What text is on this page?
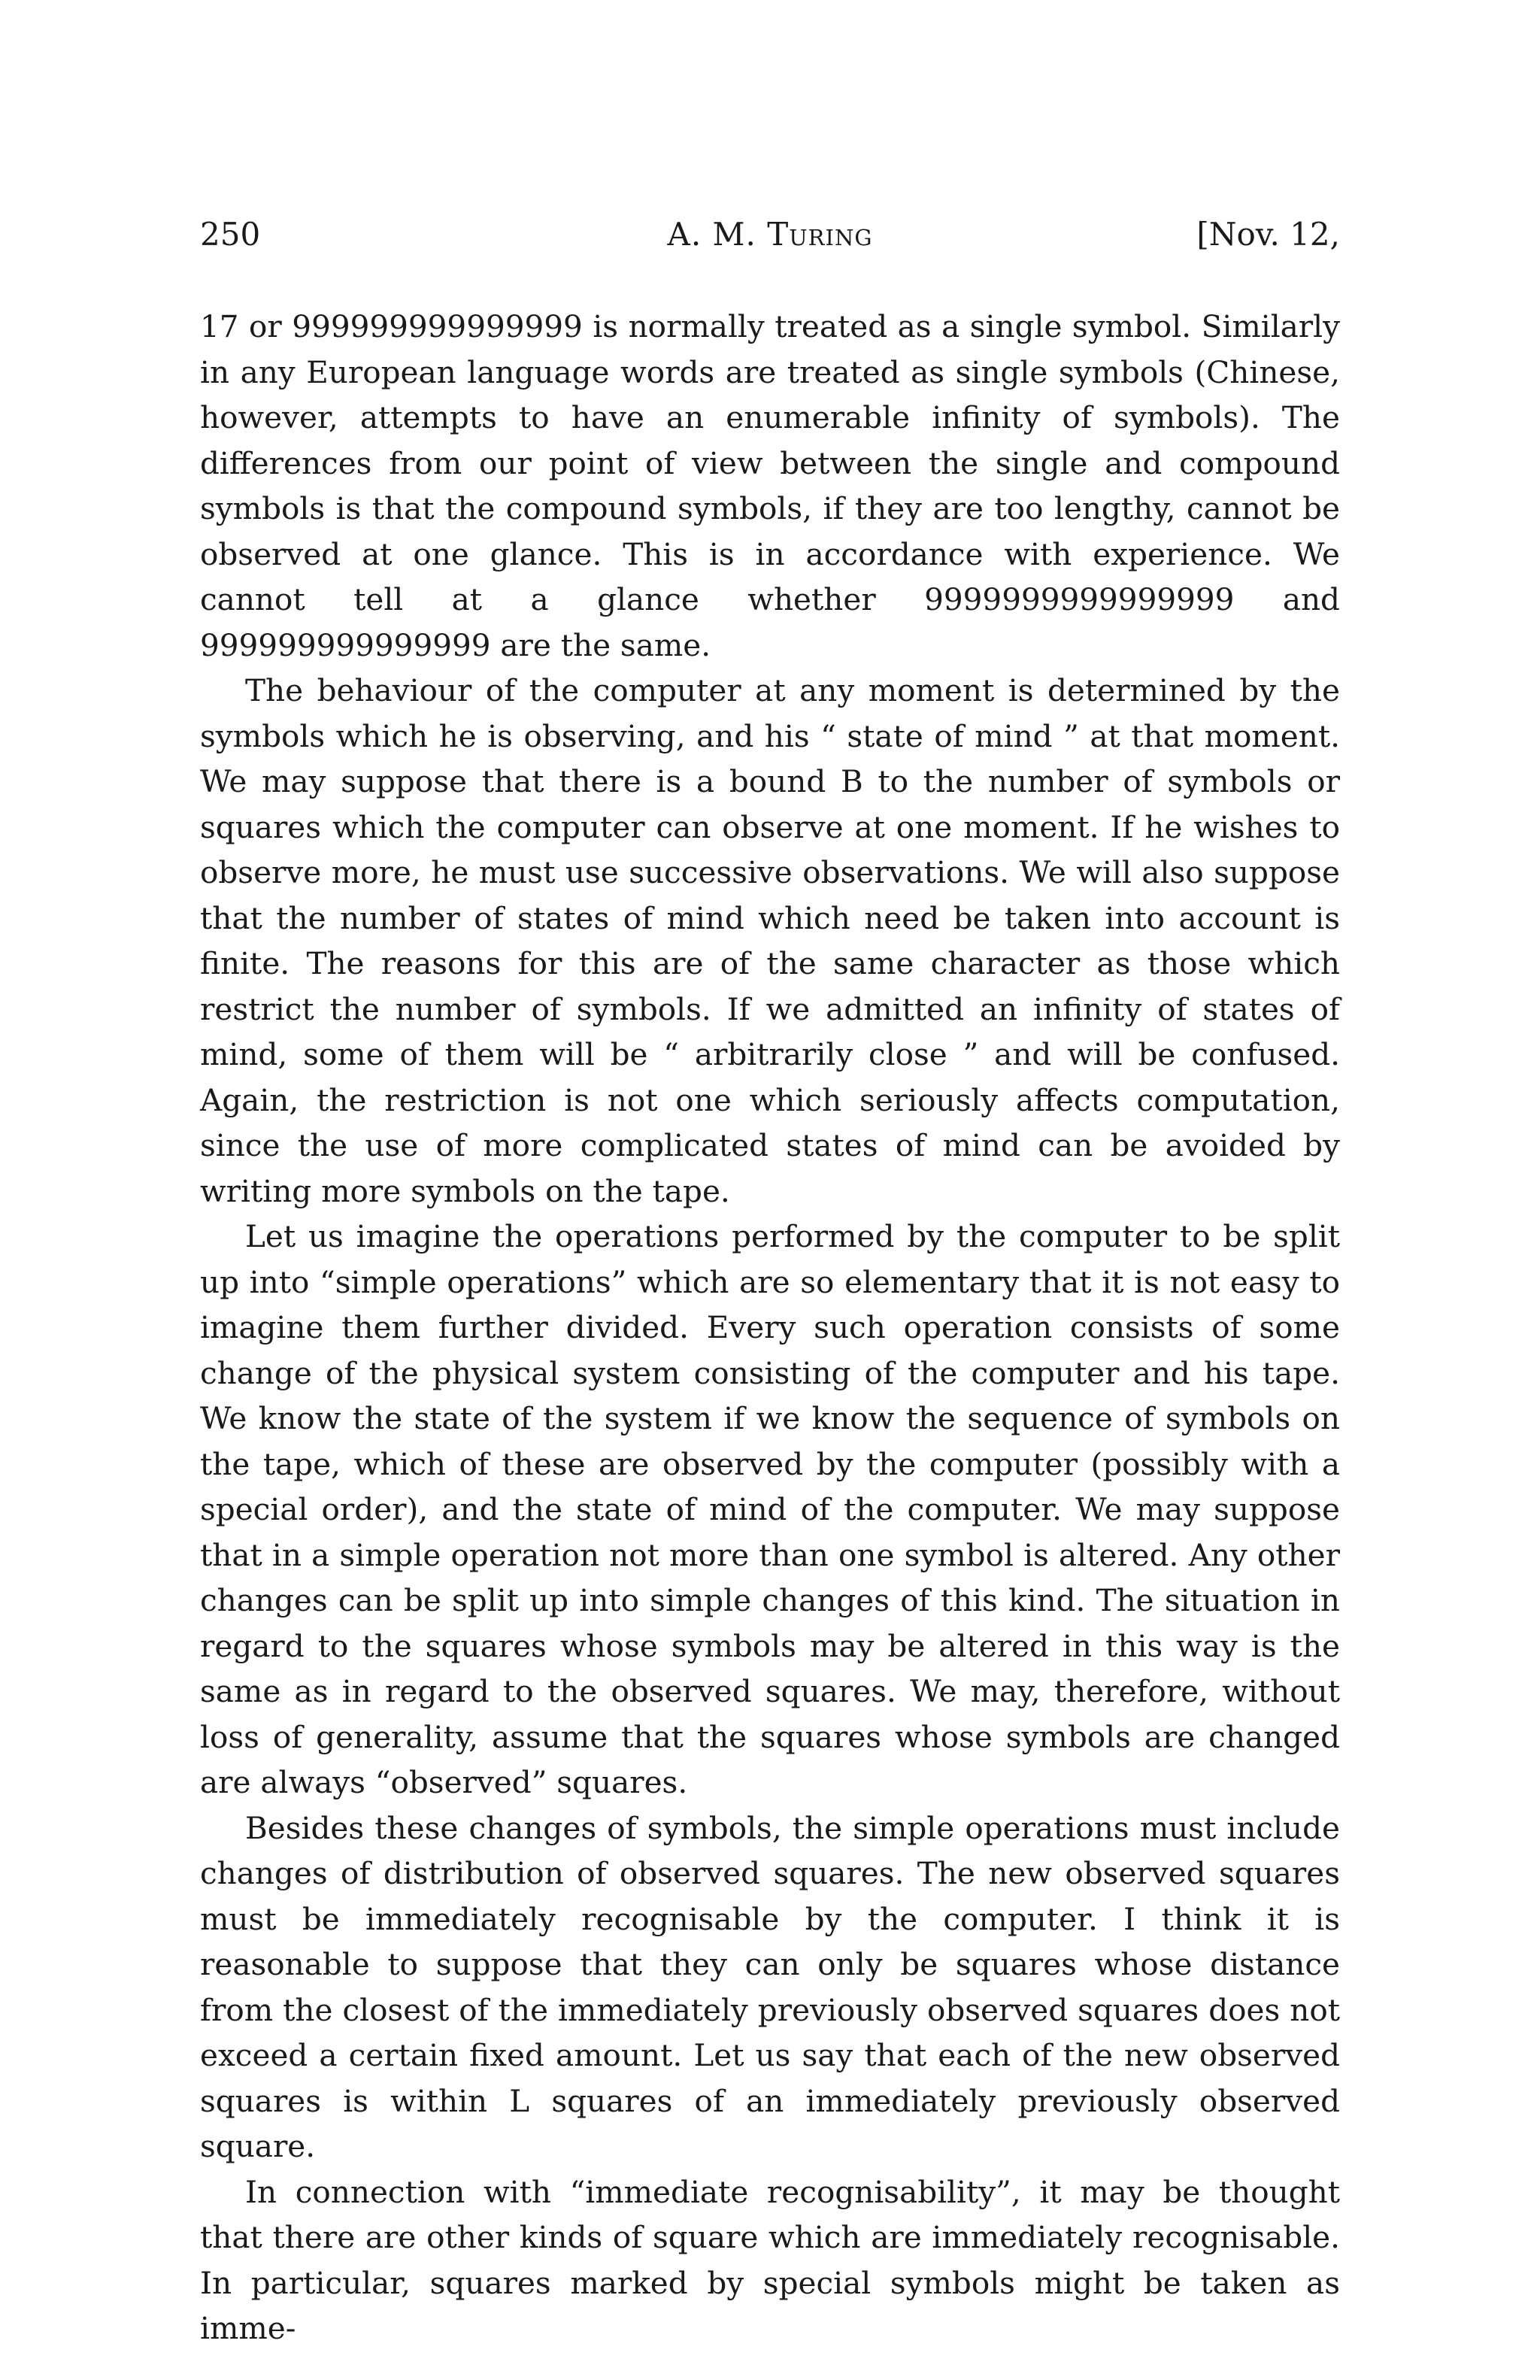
250	A. M. Turing	[Nov. 12,

17 or 999999999999999 is normally treated as a single symbol. Similarly in any European language words are treated as single symbols (Chinese, however, attempts to have an enumerable infinity of symbols). The differences from our point of view between the single and compound symbols is that the compound symbols, if they are too lengthy, cannot be observed at one glance. This is in accordance with experience. We cannot tell at a glance whether 9999999999999999 and 999999999999999 are the same.

The behaviour of the computer at any moment is determined by the symbols which he is observing, and his “ state of mind ” at that moment. We may suppose that there is a bound B to the number of symbols or squares which the computer can observe at one moment. If he wishes to observe more, he must use successive observations. We will also suppose that the number of states of mind which need be taken into account is finite. The reasons for this are of the same character as those which restrict the number of symbols. If we admitted an infinity of states of mind, some of them will be “ arbitrarily close ” and will be confused. Again, the restriction is not one which seriously affects computation, since the use of more complicated states of mind can be avoided by writing more symbols on the tape.

Let us imagine the operations performed by the computer to be split up into “simple operations” which are so elementary that it is not easy to imagine them further divided. Every such operation consists of some change of the physical system consisting of the computer and his tape. We know the state of the system if we know the sequence of symbols on the tape, which of these are observed by the computer (possibly with a special order), and the state of mind of the computer. We may suppose that in a simple operation not more than one symbol is altered. Any other changes can be split up into simple changes of this kind. The situation in regard to the squares whose symbols may be altered in this way is the same as in regard to the observed squares. We may, therefore, without loss of generality, assume that the squares whose symbols are changed are always “observed” squares.

Besides these changes of symbols, the simple operations must include changes of distribution of observed squares. The new observed squares must be immediately recognisable by the computer. I think it is reasonable to suppose that they can only be squares whose distance from the closest of the immediately previously observed squares does not exceed a certain fixed amount. Let us say that each of the new observed squares is within L squares of an immediately previously observed square.

In connection with “immediate recognisability”, it may be thought that there are other kinds of square which are immediately recognisable. In particular, squares marked by special symbols might be taken as imme-
